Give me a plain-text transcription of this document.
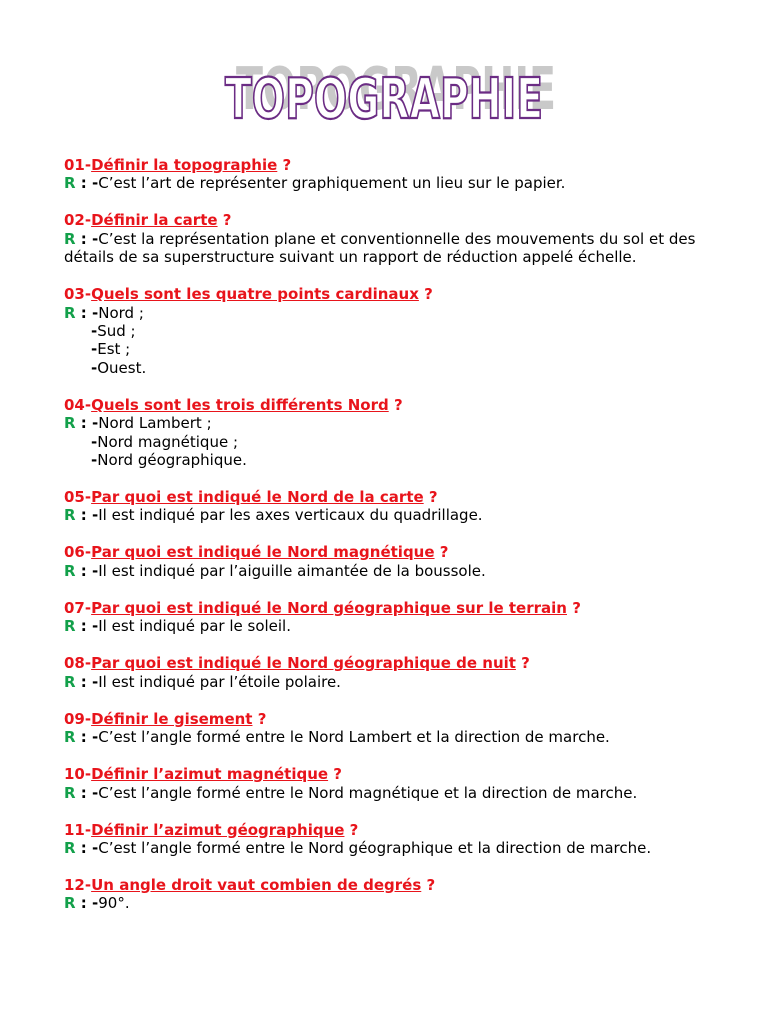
TOPOGRAPHIE
TOPOGRAPHIE
01-Définir la topographie ?

R : -C’est l’art de représenter graphiquement un lieu sur le papier.

02-Définir la carte ?

R : -C’est la représentation plane et conventionnelle des mouvements du sol et des détails de sa superstructure suivant un rapport de réduction appelé échelle.

03-Quels sont les quatre points cardinaux ?

R : -Nord ;

-Sud ;

-Est ;

-Ouest.

04-Quels sont les trois différents Nord ?

R : -Nord Lambert ;

-Nord magnétique ;

-Nord géographique.

05-Par quoi est indiqué le Nord de la carte ?

R : -Il est indiqué par les axes verticaux du quadrillage.

06-Par quoi est indiqué le Nord magnétique ?

R : -Il est indiqué par l’aiguille aimantée de la boussole.

07-Par quoi est indiqué le Nord géographique sur le terrain ?

R : -Il est indiqué par le soleil.

08-Par quoi est indiqué le Nord géographique de nuit ?

R : -Il est indiqué par l’étoile polaire.

09-Définir le gisement ?

R : -C’est l’angle formé entre le Nord Lambert et la direction de marche.

10-Définir l’azimut magnétique ?

R : -C’est l’angle formé entre le Nord magnétique et la direction de marche.

11-Définir l’azimut géographique ?

R : -C’est l’angle formé entre le Nord géographique et la direction de marche.

12-Un angle droit vaut combien de degrés ?

R : -90°.
